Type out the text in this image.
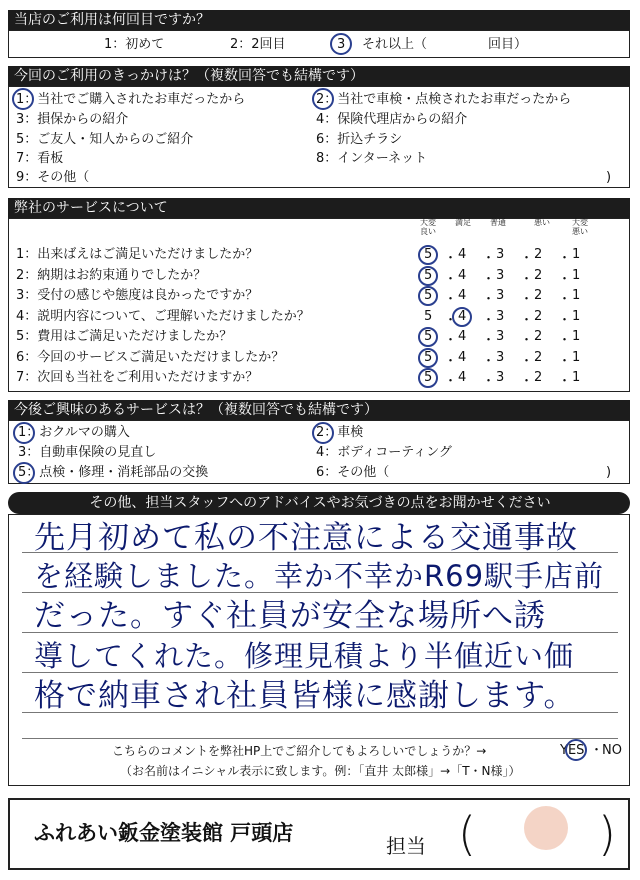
当店のご利用は何回目ですか？
1：初めて	2：2回目	3 それ以上（	回目）
今回のご利用のきっかけは？（複数回答でも結構です）
1：当社でご購入されたお車だったから	2：当社で車検・点検されたお車だったから
3：損保からの紹介	4：保険代理店からの紹介
5：ご友人・知人からのご紹介	6：折込チラシ
7：看板	8：インターネット
9：その他（	)
弊社のサービスについて
大変良い
満足	普通	悪い	大変悪い
1：出来ばえはご満足いただけましたか？	5 ・ 4 ・ 3 ・ 2 ・ 1
2：納期はお約束通りでしたか？	5 ・ 4 ・ 3 ・ 2 ・ 1
3：受付の感じや態度は良かったですか？	5 ・ 4 ・ 3 ・ 2 ・ 1
4：説明内容について、ご理解いただけましたか？	5 ・ 4 ・ 3 ・ 2 ・ 1
5：費用はご満足いただけましたか？	5 ・ 4 ・ 3 ・ 2 ・ 1
6：今回のサービスご満足いただけましたか？	5 ・ 4 ・ 3 ・ 2 ・ 1
7：次回も当社をご利用いただけますか？	5 ・ 4 ・ 3 ・ 2 ・ 1
今後ご興味のあるサービスは？（複数回答でも結構です）
1：おクルマの購入	2：車検
3：自動車保険の見直し	4：ボディコーティング
5：点検・修理・消耗部品の交換	6：その他（	)
その他、担当スタッフへのアドバイスやお気づきの点をお聞かせください
先月初めて私の不注意による交通事故
を経験しました。幸か不幸かR69駅手店前
だった。すぐ社員が安全な場所へ誘
導してくれた。修理見積より半値近い価
格で納車され社員皆様に感謝します。
こちらのコメントを弊社HP上でご紹介してもよろしいでしょうか？→	YES ・
NO
（お名前はイニシャル表示に致します。例：「直井 太郎様」→「T・N様」）
ふれあい鈑金塗装館 戸頭店
担当 (	)
